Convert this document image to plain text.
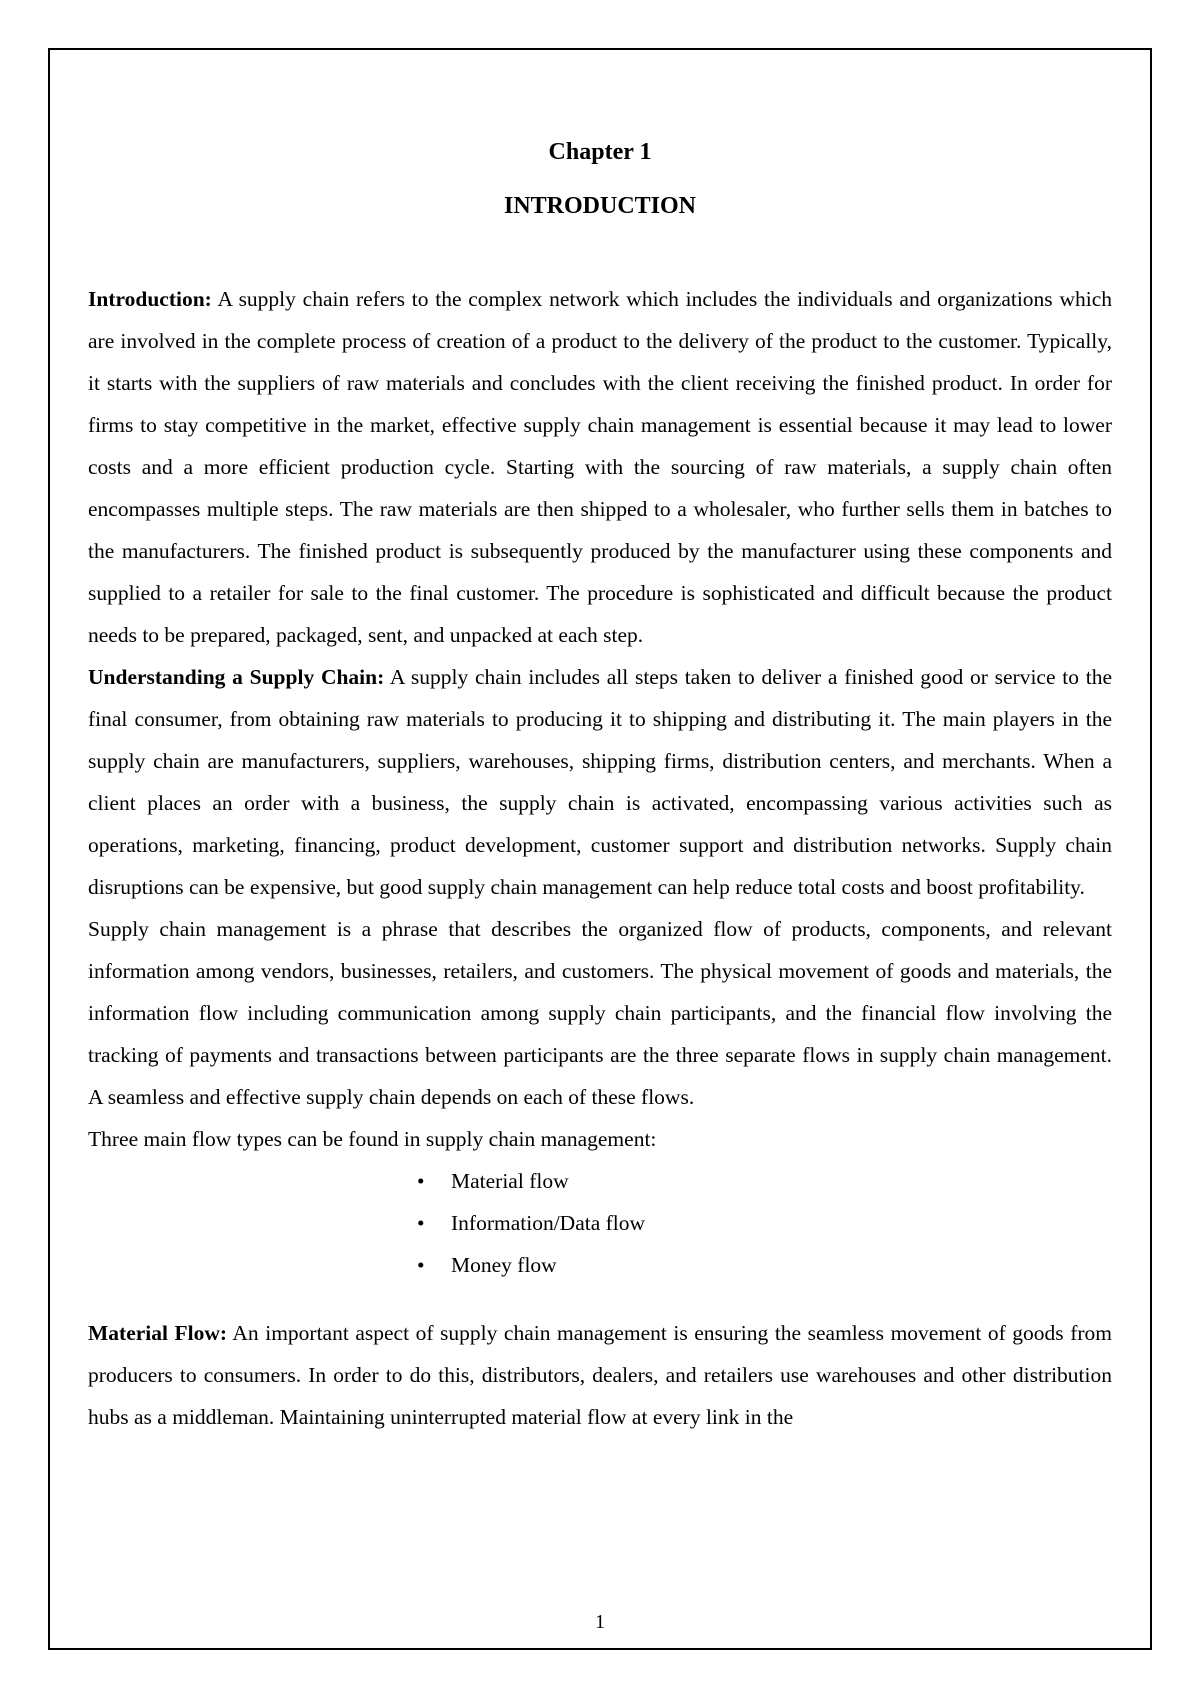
Chapter 1
INTRODUCTION

Introduction: A supply chain refers to the complex network which includes the individuals and organizations which are involved in the complete process of creation of a product to the delivery of the product to the customer. Typically, it starts with the suppliers of raw materials and concludes with the client receiving the finished product. In order for firms to stay competitive in the market, effective supply chain management is essential because it may lead to lower costs and a more efficient production cycle. Starting with the sourcing of raw materials, a supply chain often encompasses multiple steps. The raw materials are then shipped to a wholesaler, who further sells them in batches to the manufacturers. The finished product is subsequently produced by the manufacturer using these components and supplied to a retailer for sale to the final customer. The procedure is sophisticated and difficult because the product needs to be prepared, packaged, sent, and unpacked at each step.

Understanding a Supply Chain: A supply chain includes all steps taken to deliver a finished good or service to the final consumer, from obtaining raw materials to producing it to shipping and distributing it. The main players in the supply chain are manufacturers, suppliers, warehouses, shipping firms, distribution centers, and merchants. When a client places an order with a business, the supply chain is activated, encompassing various activities such as operations, marketing, financing, product development, customer support and distribution networks. Supply chain disruptions can be expensive, but good supply chain management can help reduce total costs and boost profitability.

Supply chain management is a phrase that describes the organized flow of products, components, and relevant information among vendors, businesses, retailers, and customers. The physical movement of goods and materials, the information flow including communication among supply chain participants, and the financial flow involving the tracking of payments and transactions between participants are the three separate flows in supply chain management. A seamless and effective supply chain depends on each of these flows.

Three main flow types can be found in supply chain management:

• Material flow
• Information/Data flow
• Money flow

Material Flow: An important aspect of supply chain management is ensuring the seamless movement of goods from producers to consumers. In order to do this, distributors, dealers, and retailers use warehouses and other distribution hubs as a middleman. Maintaining uninterrupted material flow at every link in the

1
